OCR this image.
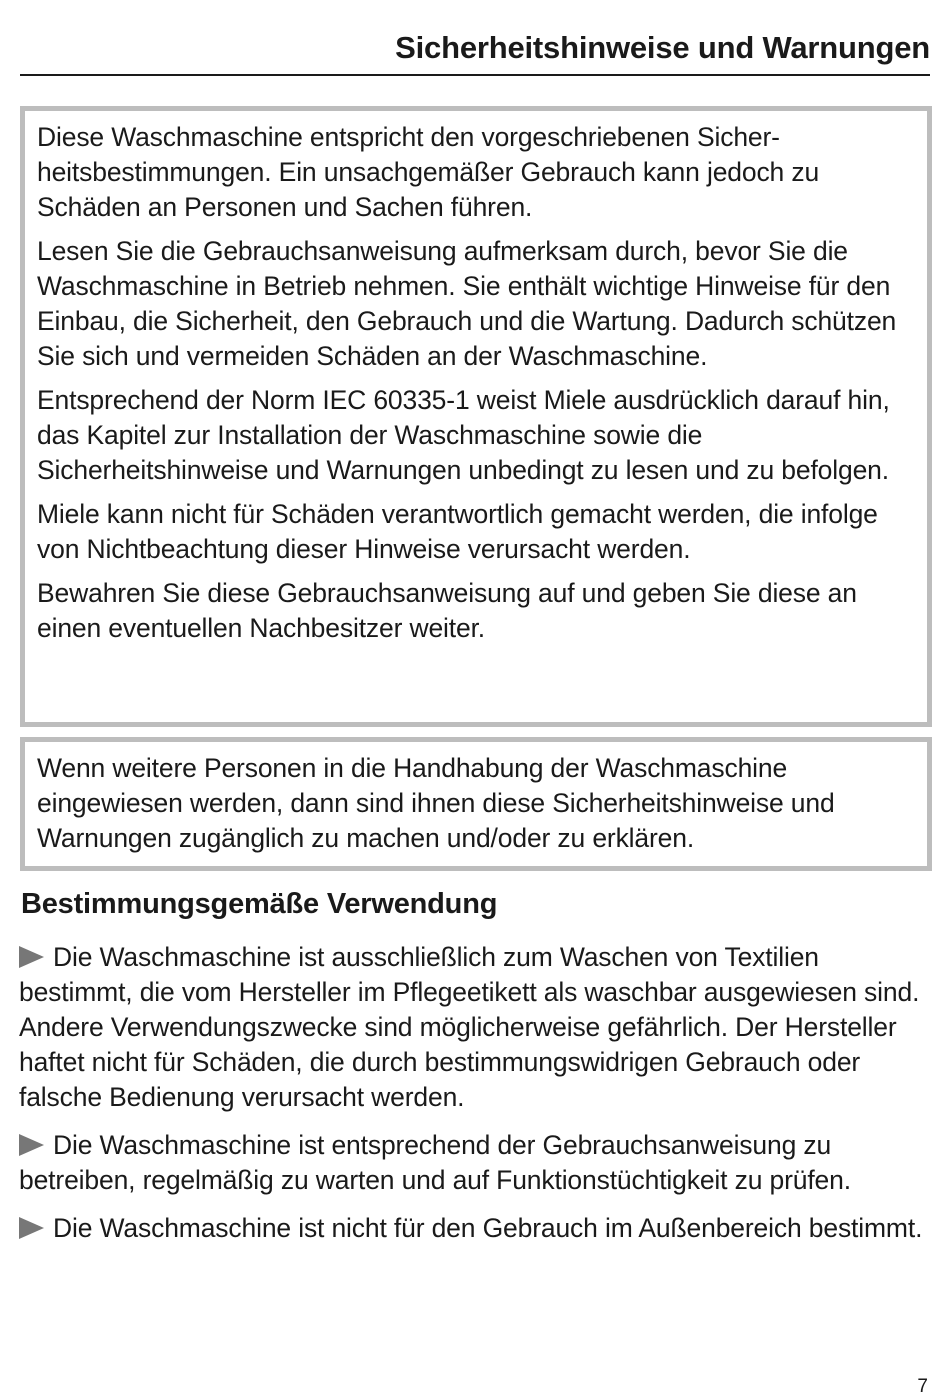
Sicherheitshinweise und Warnungen

Diese Waschmaschine entspricht den vorgeschriebenen Sicherheitsbestimmungen. Ein unsachgemäßer Gebrauch kann jedoch zu Schäden an Personen und Sachen führen.

Lesen Sie die Gebrauchsanweisung aufmerksam durch, bevor Sie die Waschmaschine in Betrieb nehmen. Sie enthält wichtige Hinweise für den Einbau, die Sicherheit, den Gebrauch und die Wartung. Dadurch schützen Sie sich und vermeiden Schäden an der Waschmaschine.

Entsprechend der Norm IEC 60335-1 weist Miele ausdrücklich darauf hin, das Kapitel zur Installation der Waschmaschine sowie die Sicherheitshinweise und Warnungen unbedingt zu lesen und zu befolgen.

Miele kann nicht für Schäden verantwortlich gemacht werden, die infolge von Nichtbeachtung dieser Hinweise verursacht werden.

Bewahren Sie diese Gebrauchsanweisung auf und geben Sie diese an einen eventuellen Nachbesitzer weiter.

Wenn weitere Personen in die Handhabung der Waschmaschine eingewiesen werden, dann sind ihnen diese Sicherheitshinweise und Warnungen zugänglich zu machen und/oder zu erklären.

Bestimmungsgemäße Verwendung
Die Waschmaschine ist ausschließlich zum Waschen von Textilien bestimmt, die vom Hersteller im Pflegeetikett als waschbar ausgewiesen sind. Andere Verwendungszwecke sind möglicherweise gefährlich. Der Hersteller haftet nicht für Schäden, die durch bestimmungswidrigen Gebrauch oder falsche Bedienung verursacht werden.
Die Waschmaschine ist entsprechend der Gebrauchsanweisung zu betreiben, regelmäßig zu warten und auf Funktionstüchtigkeit zu prüfen.
Die Waschmaschine ist nicht für den Gebrauch im Außenbereich bestimmt.
7
